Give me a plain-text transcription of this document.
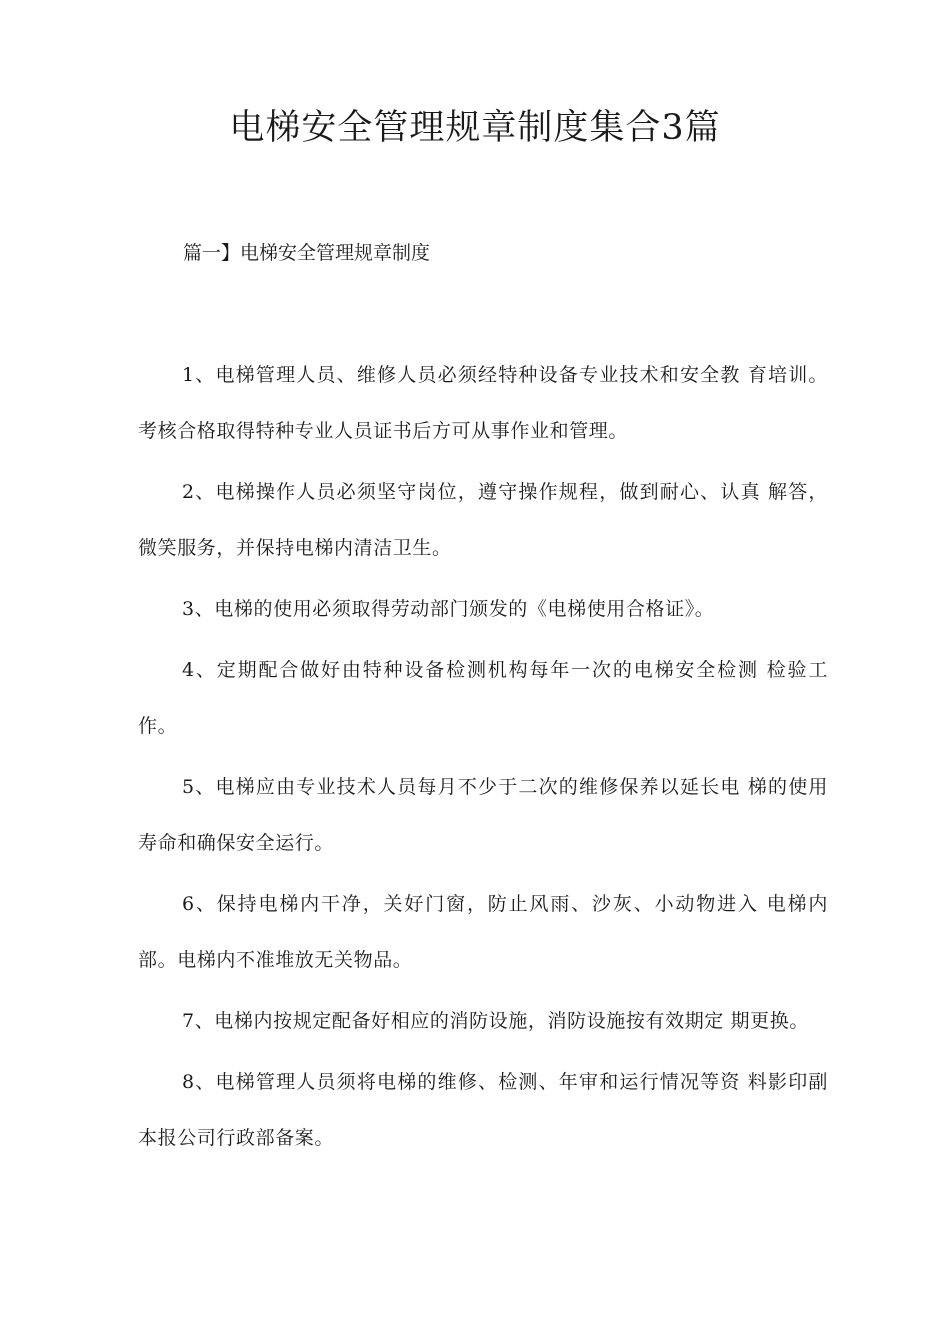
电梯安全管理规章制度集合3篇
篇一】电梯安全管理规章制度

1、电梯管理人员、维修人员必须经特种设备专业技术和安全教 育培训。考核合格取得特种专业人员证书后方可从事作业和管理。

2、电梯操作人员必须坚守岗位，遵守操作规程，做到耐心、认真 解答，微笑服务，并保持电梯内清洁卫生。

3、电梯的使用必须取得劳动部门颁发的《电梯使用合格证》。

4、定期配合做好由特种设备检测机构每年一次的电梯安全检测 检验工作。

5、电梯应由专业技术人员每月不少于二次的维修保养以延长电 梯的使用寿命和确保安全运行。

6、保持电梯内干净，关好门窗，防止风雨、沙灰、小动物进入 电梯内部。电梯内不准堆放无关物品。

7、电梯内按规定配备好相应的消防设施，消防设施按有效期定 期更换。

8、电梯管理人员须将电梯的维修、检测、年审和运行情况等资 料影印副本报公司行政部备案。
